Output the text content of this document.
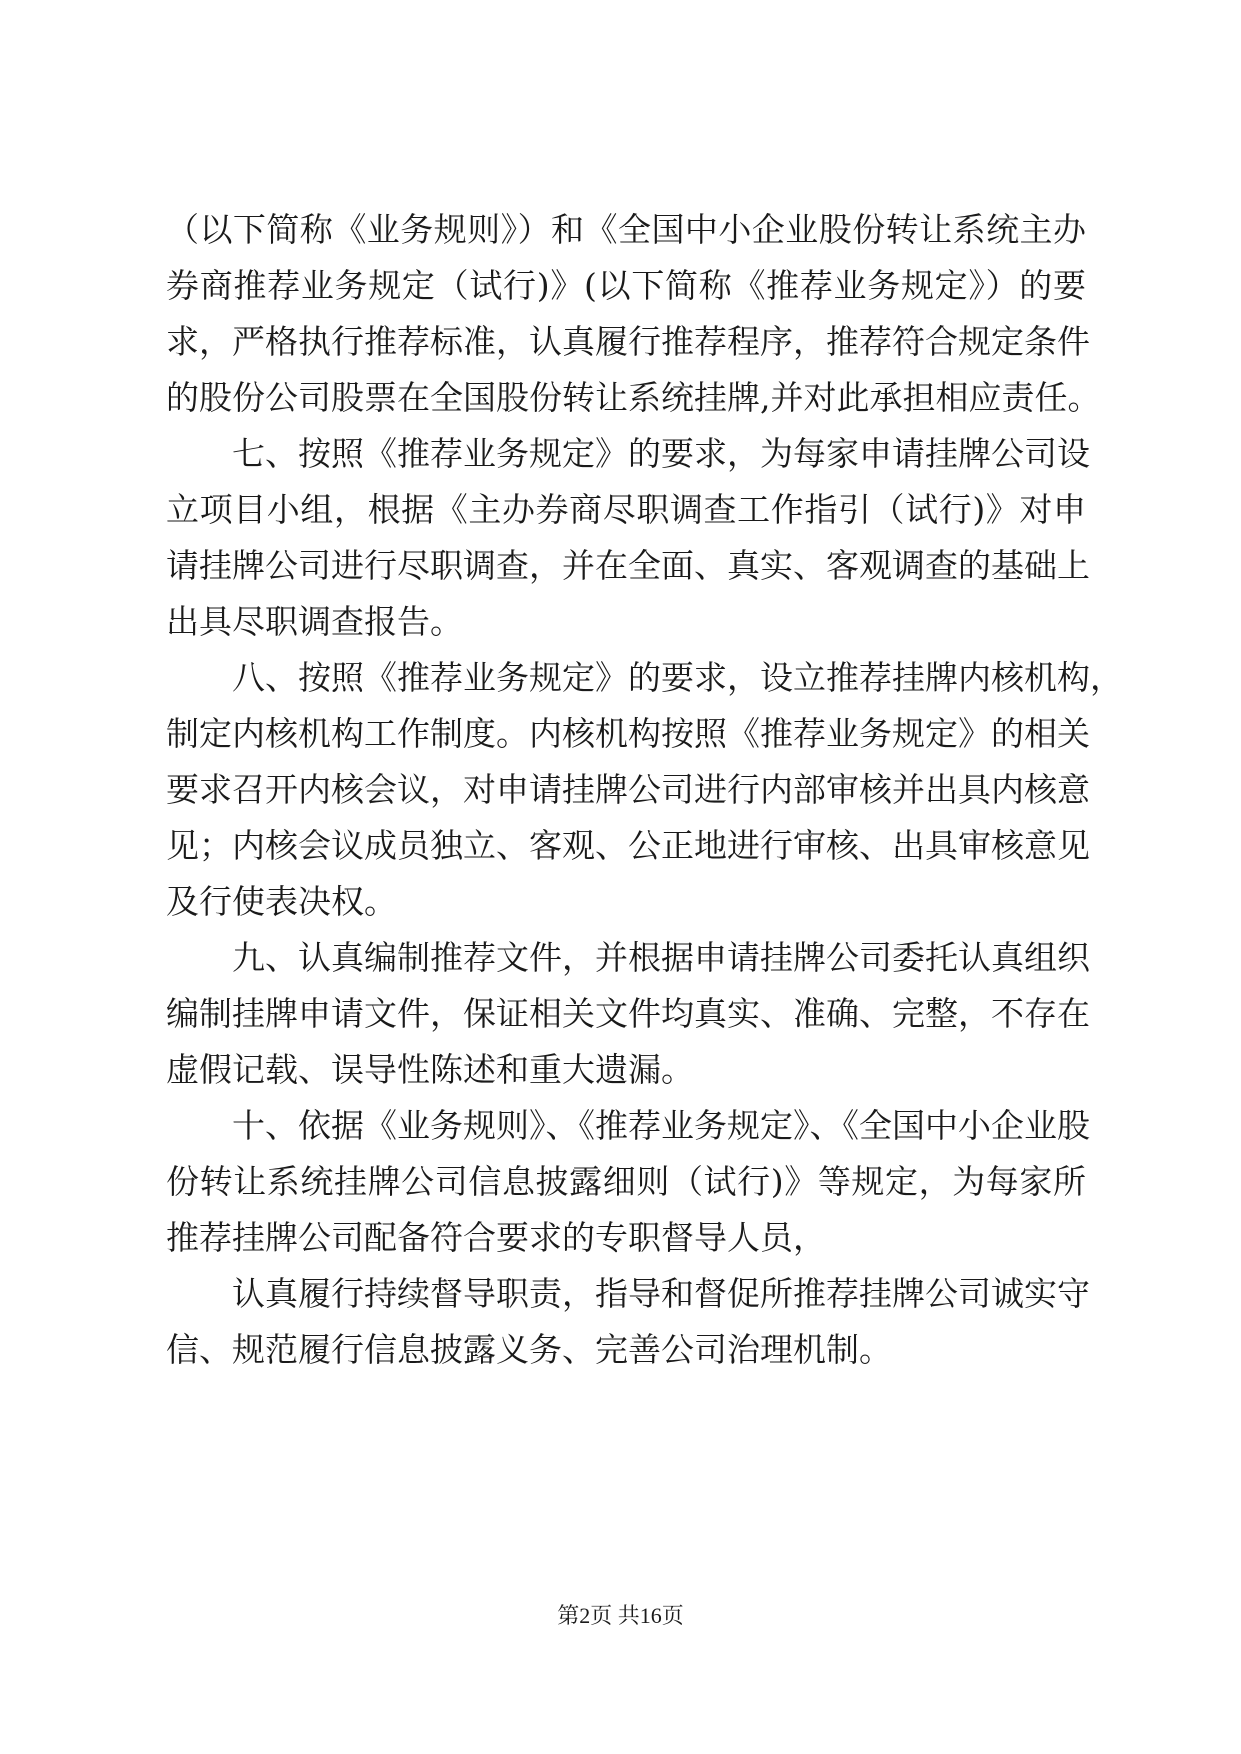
（以下简称《业务规则》）和《全国中小企业股份转让系统主办
券商推荐业务规定（试行)》(以下简称《推荐业务规定》）的要
求，严格执行推荐标准，认真履行推荐程序，推荐符合规定条件
的股份公司股票在全国股份转让系统挂牌,并对此承担相应责任。
七、按照《推荐业务规定》的要求，为每家申请挂牌公司设
立项目小组，根据《主办券商尽职调查工作指引（试行)》对申
请挂牌公司进行尽职调查，并在全面、真实、客观调查的基础上
出具尽职调查报告。
八、按照《推荐业务规定》的要求，设立推荐挂牌内核机构，
制定内核机构工作制度。内核机构按照《推荐业务规定》的相关
要求召开内核会议，对申请挂牌公司进行内部审核并出具内核意
见；内核会议成员独立、客观、公正地进行审核、出具审核意见
及行使表决权。
九、认真编制推荐文件，并根据申请挂牌公司委托认真组织
编制挂牌申请文件，保证相关文件均真实、准确、完整，不存在
虚假记载、误导性陈述和重大遗漏。
十、依据《业务规则》、《推荐业务规定》、《全国中小企业股
份转让系统挂牌公司信息披露细则（试行)》等规定，为每家所
推荐挂牌公司配备符合要求的专职督导人员，
认真履行持续督导职责，指导和督促所推荐挂牌公司诚实守
信、规范履行信息披露义务、完善公司治理机制。
第2页 共16页
